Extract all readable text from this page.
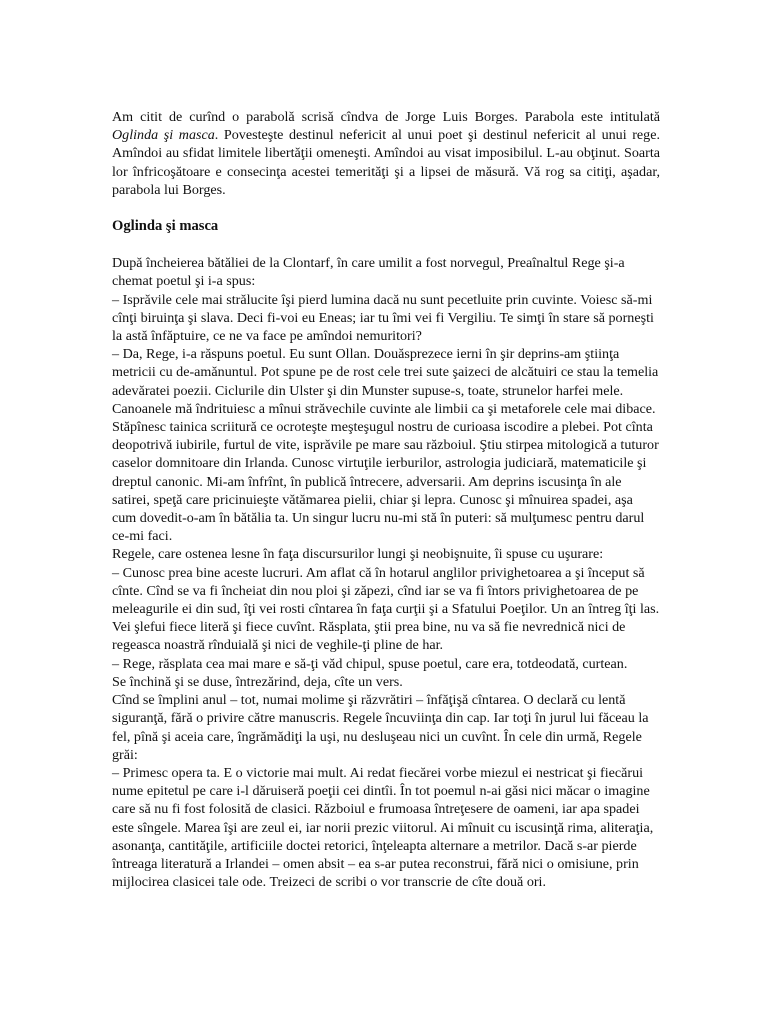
Am citit de curînd o parabolă scrisă cîndva de Jorge Luis Borges. Parabola este intitulată Oglinda şi masca. Povesteşte destinul nefericit al unui poet şi destinul nefericit al unui rege. Amîndoi au sfidat limitele libertăţii omeneşti. Amîndoi au visat imposibilul. L-au obţinut. Soarta lor înfricoşătoare e consecinţa acestei temerităţi şi a lipsei de măsură. Vă rog sa citiţi, aşadar, parabola lui Borges.

Oglinda şi masca

După încheierea bătăliei de la Clontarf, în care umilit a fost norvegul, Preaînaltul Rege şi-a chemat poetul şi i-a spus:

– Isprăvile cele mai strălucite îşi pierd lumina dacă nu sunt pecetluite prin cuvinte. Voiesc să-mi cînţi biruinţa şi slava. Deci fi-voi eu Eneas; iar tu îmi vei fi Vergiliu. Te simţi în stare să porneşti la astă înfăptuire, ce ne va face pe amîndoi nemuritori?

– Da, Rege, i-a răspuns poetul. Eu sunt Ollan. Douăsprezece ierni în şir deprins-am ştiinţa metricii cu de-amănuntul. Pot spune pe de rost cele trei sute şaizeci de alcătuiri ce stau la temelia adevăratei poezii. Ciclurile din Ulster şi din Munster supuse-s, toate, strunelor harfei mele. Canoanele mă îndrituiesc a mînui străvechile cuvinte ale limbii ca şi metaforele cele mai dibace. Stăpînesc tainica scriitură ce ocroteşte meşteşugul nostru de curioasa iscodire a plebei. Pot cînta deopotrivă iubirile, furtul de vite, isprăvile pe mare sau războiul. Ştiu stirpea mitologică a tuturor caselor domnitoare din Irlanda. Cunosc virtuţile ierburilor, astrologia judiciară, matematicile şi dreptul canonic. Mi-am înfrînt, în publică întrecere, adversarii. Am deprins iscusinţa în ale satirei, speţă care pricinuieşte vătămarea pielii, chiar şi lepra. Cunosc şi mînuirea spadei, aşa cum dovedit-o-am în bătălia ta. Un singur lucru nu-mi stă în puteri: să mulţumesc pentru darul ce-mi faci.

Regele, care ostenea lesne în faţa discursurilor lungi şi neobişnuite, îi spuse cu uşurare:

– Cunosc prea bine aceste lucruri. Am aflat că în hotarul anglilor privighetoarea a şi început să cînte. Cînd se va fi încheiat din nou ploi şi zăpezi, cînd iar se va fi întors privighetoarea de pe meleagurile ei din sud, îţi vei rosti cîntarea în faţa curţii şi a Sfatului Poeţilor. Un an întreg îţi las. Vei şlefui fiece literă şi fiece cuvînt. Răsplata, ştii prea bine, nu va să fie nevrednică nici de regeasca noastră rînduială şi nici de veghile-ţi pline de har.

– Rege, răsplata cea mai mare e să-ţi văd chipul, spuse poetul, care era, totdeodată, curtean.

Se închină şi se duse, întrezărind, deja, cîte un vers.

Cînd se împlini anul – tot, numai molime şi răzvrătiri – înfăţişă cîntarea. O declară cu lentă siguranţă, fără o privire către manuscris. Regele încuviinţa din cap. Iar toţi în jurul lui făceau la fel, pînă şi aceia care, îngrămădiţi la uşi, nu desluşeau nici un cuvînt. În cele din urmă, Regele grăi:

– Primesc opera ta. E o victorie mai mult. Ai redat fiecărei vorbe miezul ei nestricat şi fiecărui nume epitetul pe care i-l dăruiseră poeţii cei dintîi. În tot poemul n-ai găsi nici măcar o imagine care să nu fi fost folosită de clasici. Războiul e frumoasa întreţesere de oameni, iar apa spadei este sîngele. Marea îşi are zeul ei, iar norii prezic viitorul. Ai mînuit cu iscusinţă rima, aliteraţia, asonanţa, cantităţile, artificiile doctei retorici, înţeleapta alternare a metrilor. Dacă s-ar pierde întreaga literatură a Irlandei – omen absit – ea s-ar putea reconstrui, fără nici o omisiune, prin mijlocirea clasicei tale ode. Treizeci de scribi o vor transcrie de cîte două ori.
